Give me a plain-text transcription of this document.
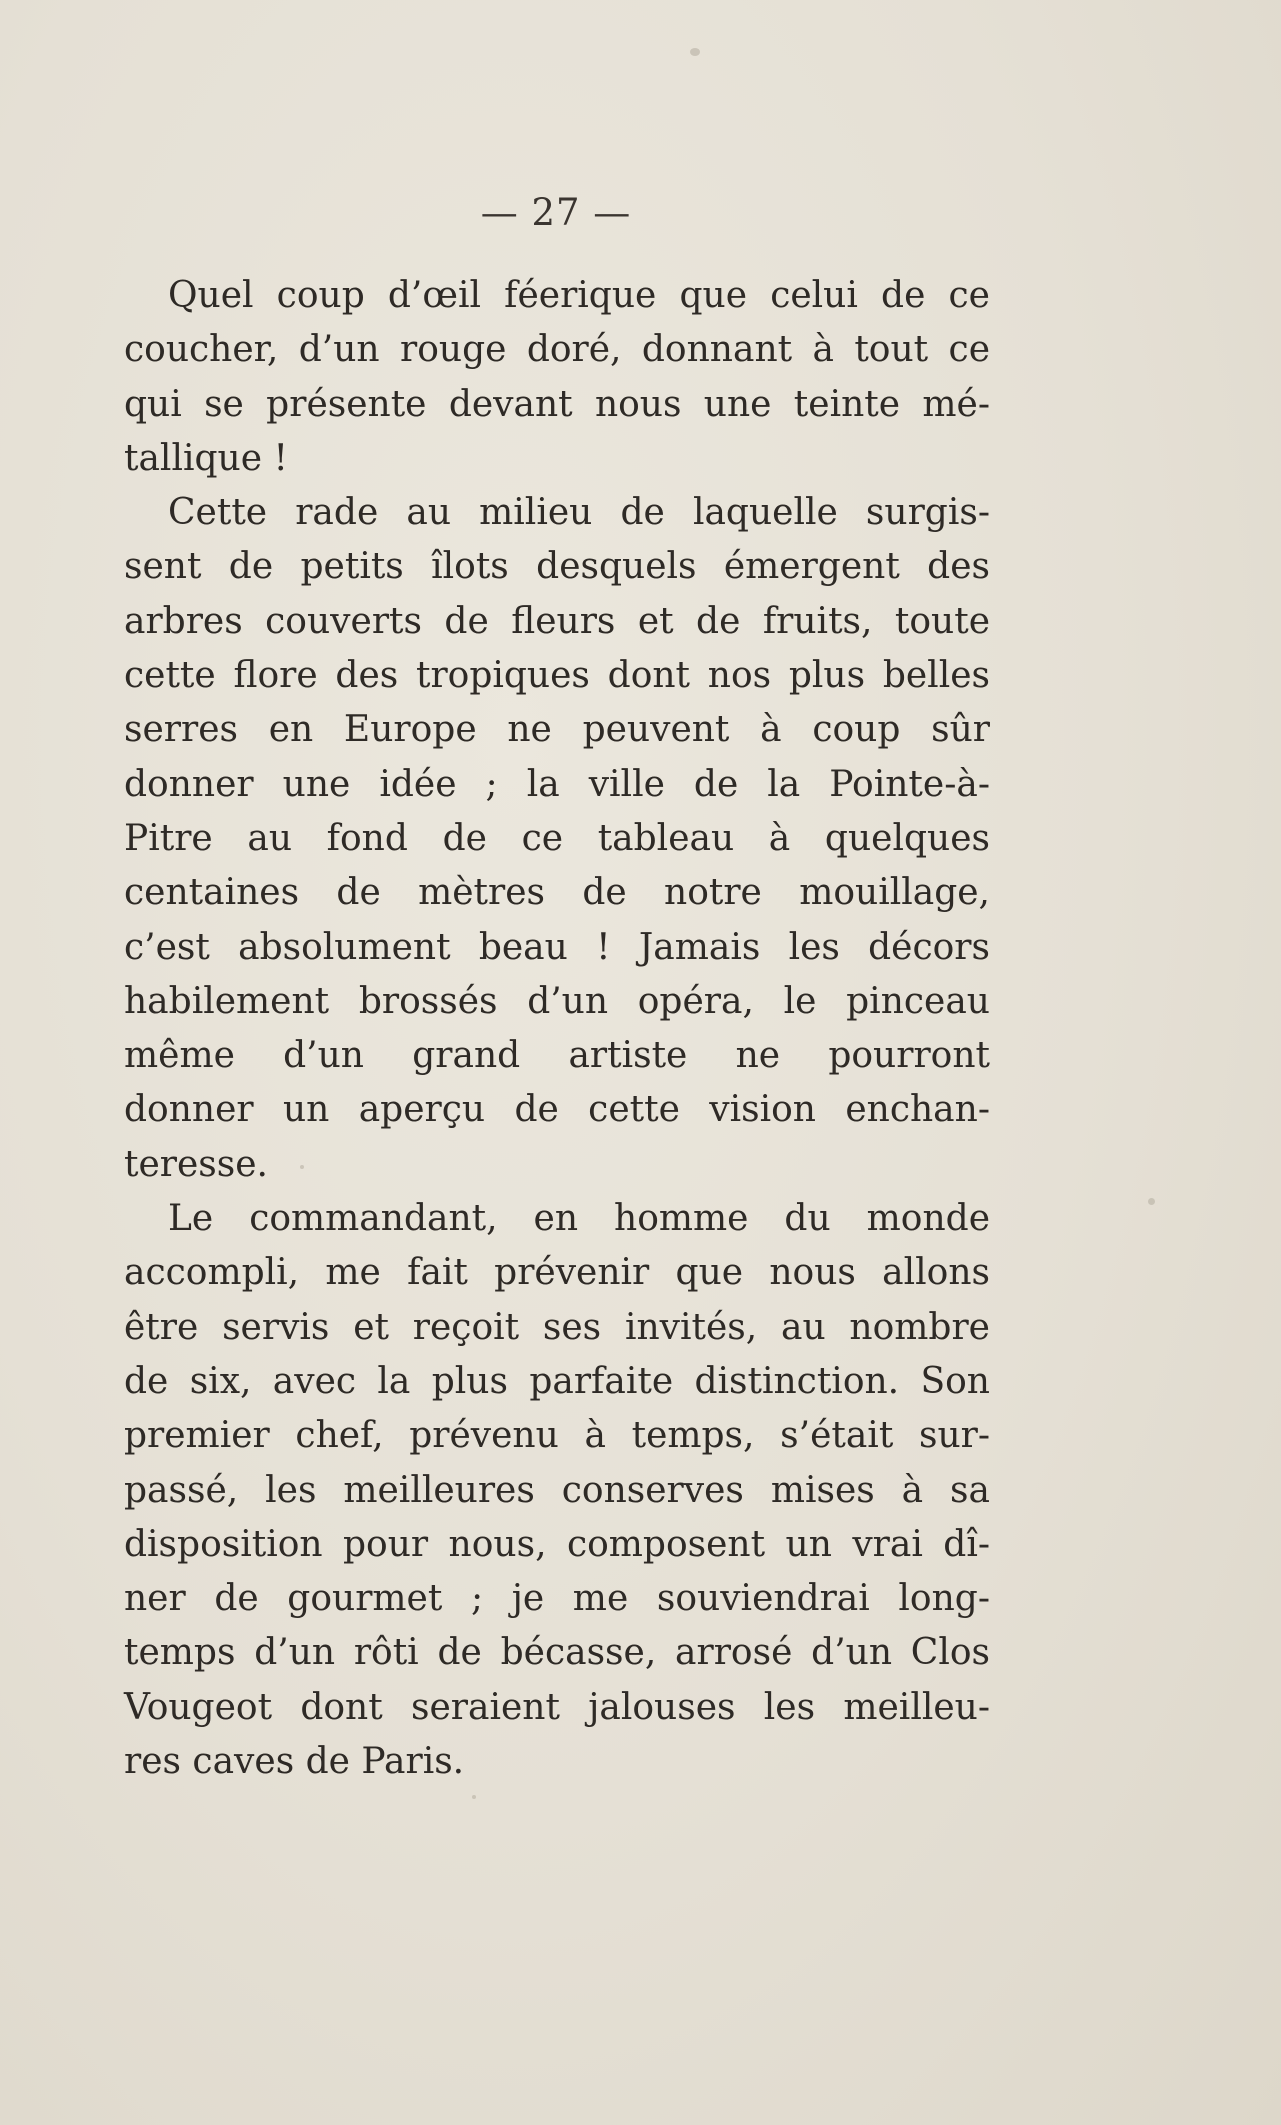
— 27 —
Quel coup d’œil féerique que celui de ce
coucher, d’un rouge doré, donnant à tout ce
qui se présente devant nous une teinte mé-
tallique !
Cette rade au milieu de laquelle surgis-
sent de petits îlots desquels émergent des
arbres couverts de fleurs et de fruits, toute
cette flore des tropiques dont nos plus belles
serres en Europe ne peuvent à coup sûr
donner une idée ; la ville de la Pointe-à-
Pitre au fond de ce tableau à quelques
centaines de mètres de notre mouillage,
c’est absolument beau ! Jamais les décors
habilement brossés d’un opéra, le pinceau
même d’un grand artiste ne pourront
donner un aperçu de cette vision enchan-
teresse.
Le commandant, en homme du monde
accompli, me fait prévenir que nous allons
être servis et reçoit ses invités, au nombre
de six, avec la plus parfaite distinction. Son
premier chef, prévenu à temps, s’était sur-
passé, les meilleures conserves mises à sa
disposition pour nous, composent un vrai dî-
ner de gourmet ; je me souviendrai long-
temps d’un rôti de bécasse, arrosé d’un Clos
Vougeot dont seraient jalouses les meilleu-
res caves de Paris.
